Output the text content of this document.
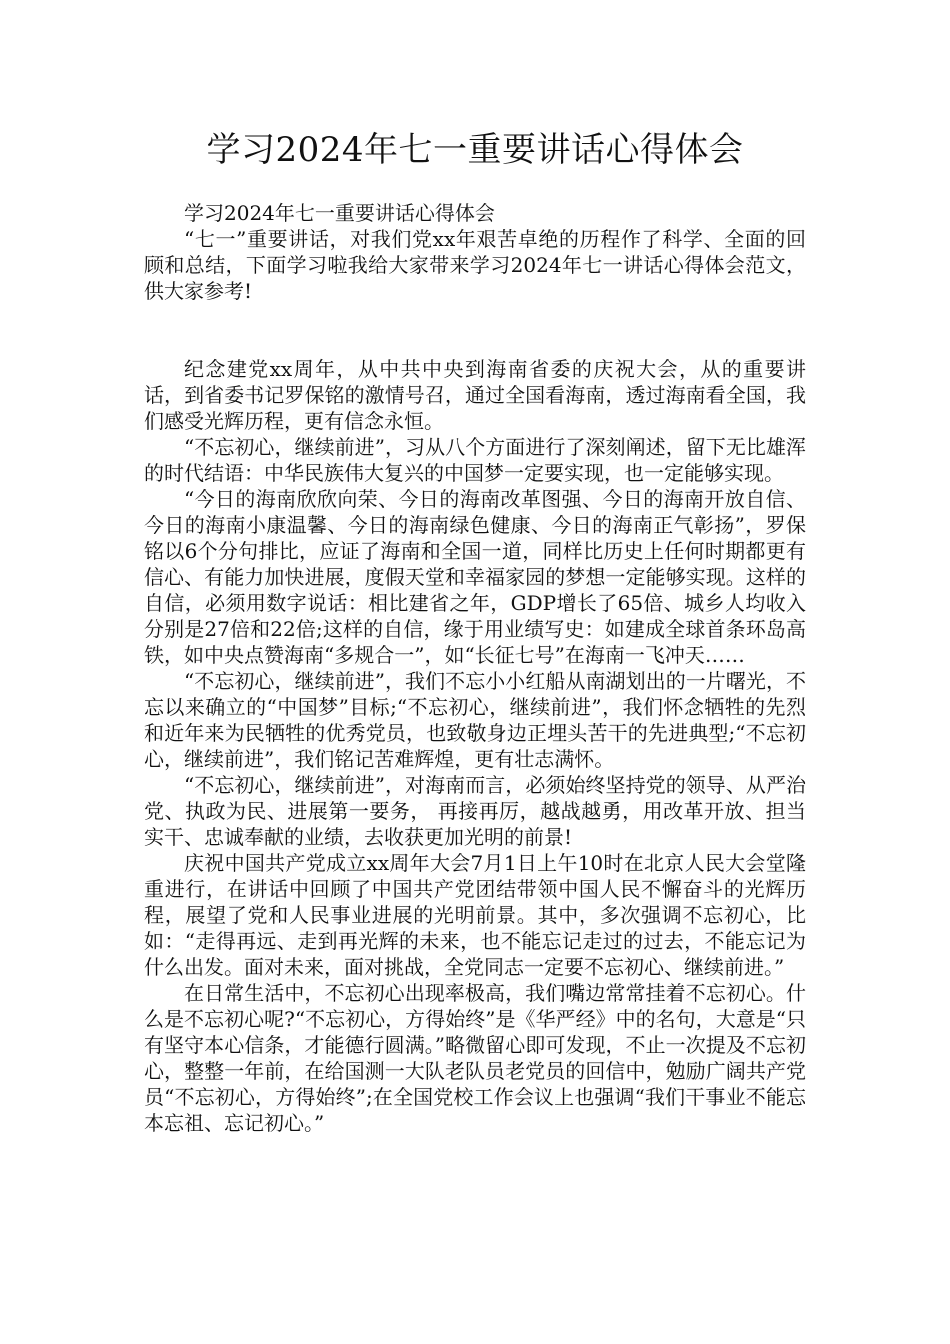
学习2024年七一重要讲话心得体会

学习2024年七一重要讲话心得体会

“七一”重要讲话，对我们党xx年艰苦卓绝的历程作了科学、全面的回顾和总结，下面学习啦我给大家带来学习2024年七一讲话心得体会范文，供大家参考!

纪念建党xx周年，从中共中央到海南省委的庆祝大会，从的重要讲话，到省委书记罗保铭的激情号召，通过全国看海南，透过海南看全国，我们感受光辉历程，更有信念永恒。

“不忘初心，继续前进”，习从八个方面进行了深刻阐述，留下无比雄浑的时代结语：中华民族伟大复兴的中国梦一定要实现，也一定能够实现。

“今日的海南欣欣向荣、今日的海南改革图强、今日的海南开放自信、今日的海南小康温馨、今日的海南绿色健康、今日的海南正气彰扬”，罗保铭以6个分句排比，应证了海南和全国一道，同样比历史上任何时期都更有信心、有能力加快进展，度假天堂和幸福家园的梦想一定能够实现。这样的自信，必须用数字说话：相比建省之年，GDP增长了65倍、城乡人均收入分别是27倍和22倍;这样的自信，缘于用业绩写史：如建成全球首条环岛高铁，如中央点赞海南“多规合一”，如“长征七号”在海南一飞冲天……

“不忘初心，继续前进”，我们不忘小小红船从南湖划出的一片曙光，不忘以来确立的“中国梦”目标;“不忘初心，继续前进”，我们怀念牺牲的先烈和近年来为民牺牲的优秀党员，也致敬身边正埋头苦干的先进典型;“不忘初心，继续前进”，我们铭记苦难辉煌，更有壮志满怀。

“不忘初心，继续前进”，对海南而言，必须始终坚持党的领导、从严治党、执政为民、进展第一要务， 再接再厉，越战越勇，用改革开放、担当实干、忠诚奉献的业绩，去收获更加光明的前景!

庆祝中国共产党成立xx周年大会7月1日上午10时在北京人民大会堂隆重进行，在讲话中回顾了中国共产党团结带领中国人民不懈奋斗的光辉历程，展望了党和人民事业进展的光明前景。其中，多次强调不忘初心，比如：“走得再远、走到再光辉的未来，也不能忘记走过的过去，不能忘记为什么出发。面对未来，面对挑战，全党同志一定要不忘初心、继续前进。”

在日常生活中，不忘初心出现率极高，我们嘴边常常挂着不忘初心。什么是不忘初心呢?“不忘初心，方得始终”是《华严经》中的名句，大意是“只有坚守本心信条，才能德行圆满。”略微留心即可发现，不止一次提及不忘初心，整整一年前，在给国测一大队老队员老党员的回信中，勉励广阔共产党员“不忘初心，方得始终”;在全国党校工作会议上也强调“我们干事业不能忘本忘祖、忘记初心。”
